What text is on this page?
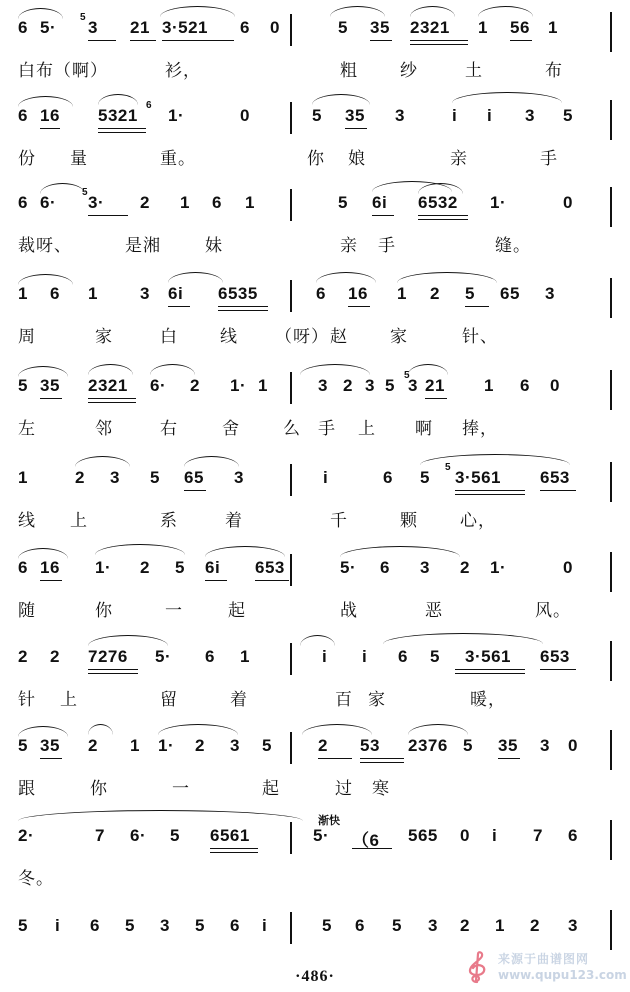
6 5· 3 21 3·521 6 0	5 35 2321 1 56 1
白布（啊）	衫，	粗 纱	土	布
5
6 16 5321 1·	0	5 35 3	i i 3 5
份 量	重。	你 娘	亲	手
6
6 6· 3· 2 1 6 1	5 6i 6532 1·	0
裁呀、	是湘	妹	亲 手	缝。
5
1 6 1 3 6i 6535	6 16 1 2 5 65 3
周	家	白 线 （呀） 赵 家	针、
5 35 2321 6· 2 1· 1	3 2 3 5 3 21 1 6 0
左	邻	右	舍	么 手 上 啊 捧，
5
1	2 3 5 65 3	i	6 5 3·561 653
线 上	系	着	千	颗 心，
5
6 16 1· 2 5 6i 653	5· 6 3 2 1·	0
随	你	一	起	战	恶	风。
2 2 7276 5· 6 1	i i 6 5 3·561 653
针 上	留	着	百 家	暖，
5 35 2 1 1· 2 3 5	2 53 2376 5 35 3 0
跟	你	一	起	过 寒
2·	7 6· 5 6561	5· （6 565 0 i 7 6
冬。
渐快
5 i 6 5 3 5 6 i	5 6 5 3 2 1 2 3
·486·
来源于曲谱图网
www.qupu123.com
